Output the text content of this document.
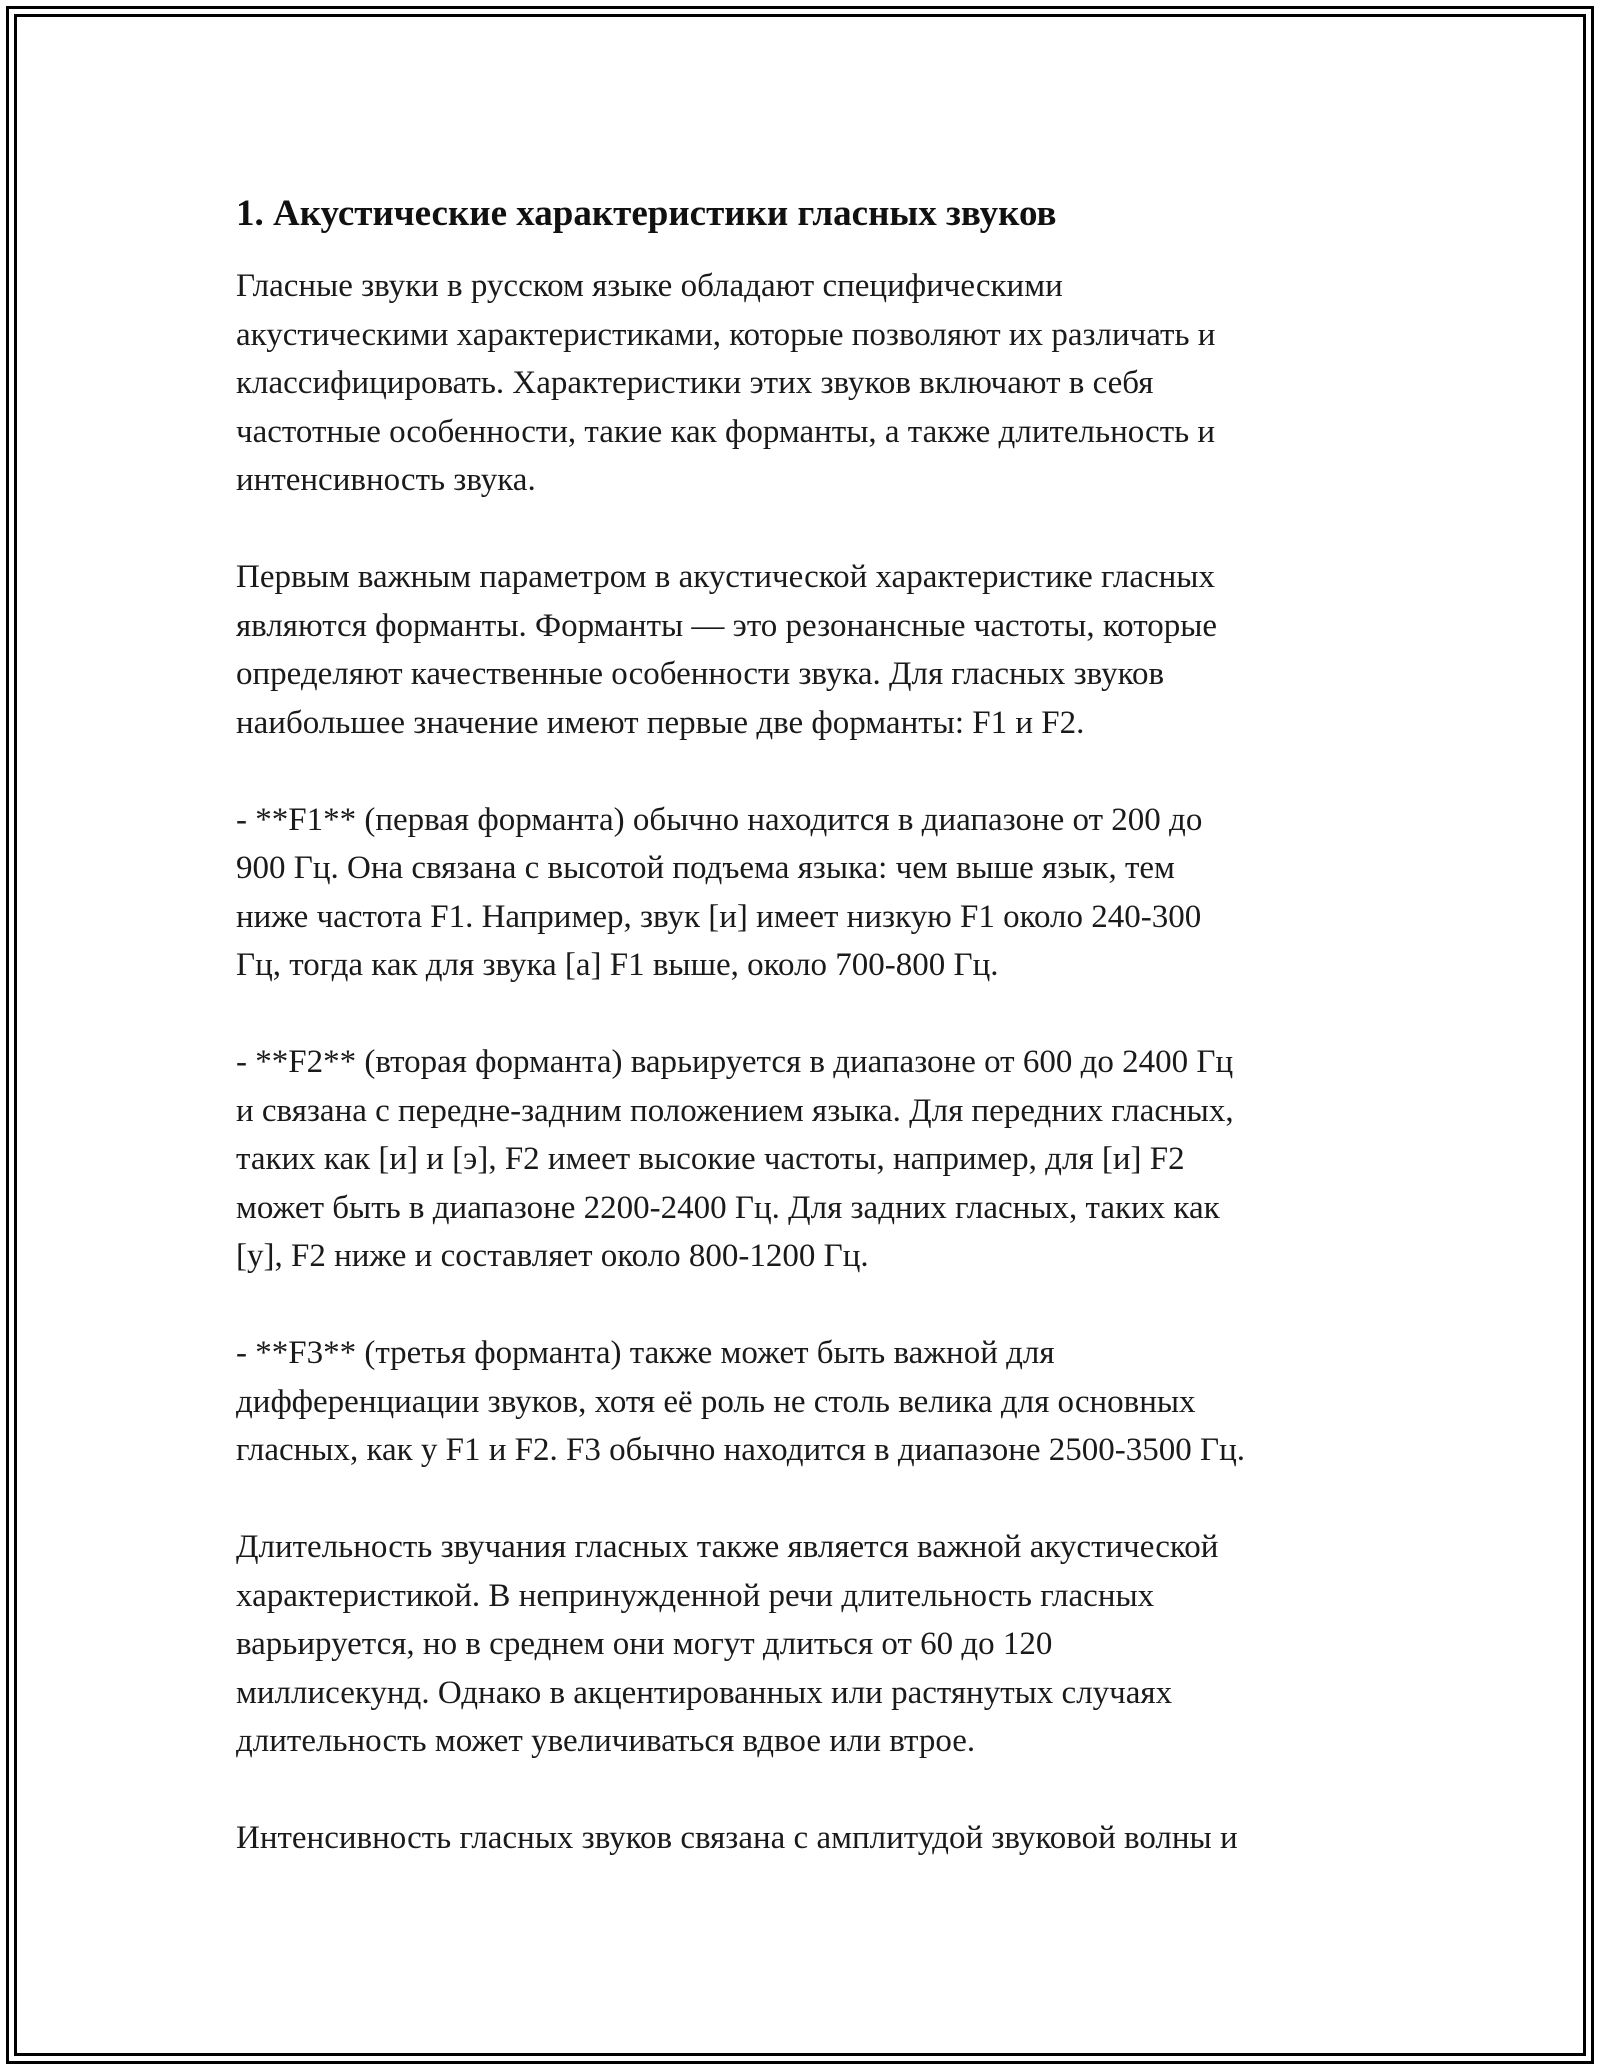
1. Акустические характеристики гласных звуков

Гласные звуки в русском языке обладают специфическими
акустическими характеристиками, которые позволяют их различать и
классифицировать. Характеристики этих звуков включают в себя
частотные особенности, такие как форманты, а также длительность и
интенсивность звука.

Первым важным параметром в акустической характеристике гласных
являются форманты. Форманты — это резонансные частоты, которые
определяют качественные особенности звука. Для гласных звуков
наибольшее значение имеют первые две форманты: F1 и F2.

- **F1** (первая форманта) обычно находится в диапазоне от 200 до
900 Гц. Она связана с высотой подъема языка: чем выше язык, тем
ниже частота F1. Например, звук [и] имеет низкую F1 около 240-300
Гц, тогда как для звука [а] F1 выше, около 700-800 Гц.

- **F2** (вторая форманта) варьируется в диапазоне от 600 до 2400 Гц
и связана с передне-задним положением языка. Для передних гласных,
таких как [и] и [э], F2 имеет высокие частоты, например, для [и] F2
может быть в диапазоне 2200-2400 Гц. Для задних гласных, таких как
[у], F2 ниже и составляет около 800-1200 Гц.

- **F3** (третья форманта) также может быть важной для
дифференциации звуков, хотя её роль не столь велика для основных
гласных, как у F1 и F2. F3 обычно находится в диапазоне 2500-3500 Гц.

Длительность звучания гласных также является важной акустической
характеристикой. В непринужденной речи длительность гласных
варьируется, но в среднем они могут длиться от 60 до 120
миллисекунд. Однако в акцентированных или растянутых случаях
длительность может увеличиваться вдвое или втрое.

Интенсивность гласных звуков связана с амплитудой звуковой волны и
